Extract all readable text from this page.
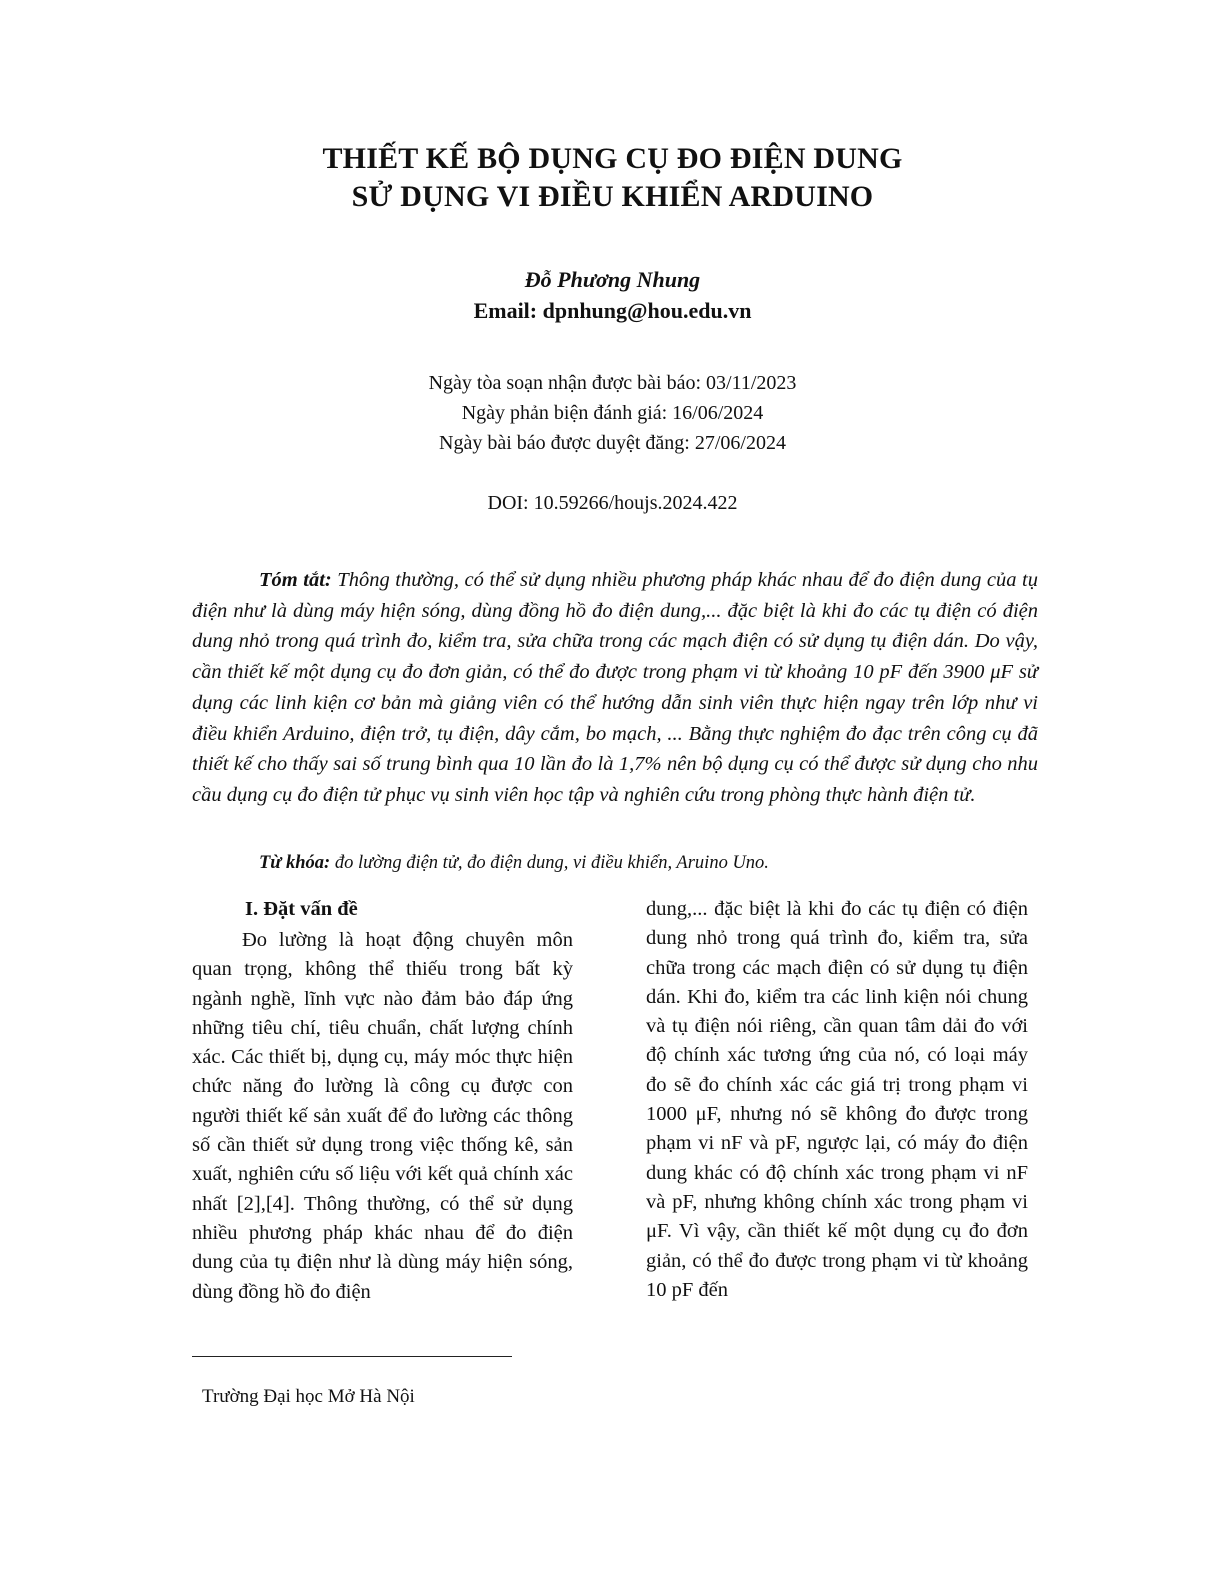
THIẾT KẾ BỘ DỤNG CỤ ĐO ĐIỆN DUNG
SỬ DỤNG VI ĐIỀU KHIỂN ARDUINO
Đỗ Phương Nhung
Email: dpnhung@hou.edu.vn
Ngày tòa soạn nhận được bài báo: 03/11/2023
Ngày phản biện đánh giá: 16/06/2024
Ngày bài báo được duyệt đăng: 27/06/2024
DOI: 10.59266/houjs.2024.422
Tóm tắt: Thông thường, có thể sử dụng nhiều phương pháp khác nhau để đo điện dung của tụ điện như là dùng máy hiện sóng, dùng đồng hồ đo điện dung,... đặc biệt là khi đo các tụ điện có điện dung nhỏ trong quá trình đo, kiểm tra, sửa chữa trong các mạch điện có sử dụng tụ điện dán. Do vậy, cần thiết kế một dụng cụ đo đơn giản, có thể đo được trong phạm vi từ khoảng 10 pF đến 3900 μF sử dụng các linh kiện cơ bản mà giảng viên có thể hướng dẫn sinh viên thực hiện ngay trên lớp như vi điều khiển Arduino, điện trở, tụ điện, dây cắm, bo mạch, ... Bằng thực nghiệm đo đạc trên công cụ đã thiết kế cho thấy sai số trung bình qua 10 lần đo là 1,7% nên bộ dụng cụ có thể được sử dụng cho nhu cầu dụng cụ đo điện tử phục vụ sinh viên học tập và nghiên cứu trong phòng thực hành điện tử.
Từ khóa: đo lường điện tử, đo điện dung, vi điều khiển, Aruino Uno.
I. Đặt vấn đề
Đo lường là hoạt động chuyên môn quan trọng, không thể thiếu trong bất kỳ ngành nghề, lĩnh vực nào đảm bảo đáp ứng những tiêu chí, tiêu chuẩn, chất lượng chính xác. Các thiết bị, dụng cụ, máy móc thực hiện chức năng đo lường là công cụ được con người thiết kế sản xuất để đo lường các thông số cần thiết sử dụng trong việc thống kê, sản xuất, nghiên cứu số liệu với kết quả chính xác nhất [2],[4]. Thông thường, có thể sử dụng nhiều phương pháp khác nhau để đo điện dung của tụ điện như là dùng máy hiện sóng, dùng đồng hồ đo điện
dung,... đặc biệt là khi đo các tụ điện có điện dung nhỏ trong quá trình đo, kiểm tra, sửa chữa trong các mạch điện có sử dụng tụ điện dán. Khi đo, kiểm tra các linh kiện nói chung và tụ điện nói riêng, cần quan tâm dải đo với độ chính xác tương ứng của nó, có loại máy đo sẽ đo chính xác các giá trị trong phạm vi 1000 μF, nhưng nó sẽ không đo được trong phạm vi nF và pF, ngược lại, có máy đo điện dung khác có độ chính xác trong phạm vi nF và pF, nhưng không chính xác trong phạm vi μF. Vì vậy, cần thiết kế một dụng cụ đo đơn giản, có thể đo được trong phạm vi từ khoảng 10 pF đến
Trường Đại học Mở Hà Nội
